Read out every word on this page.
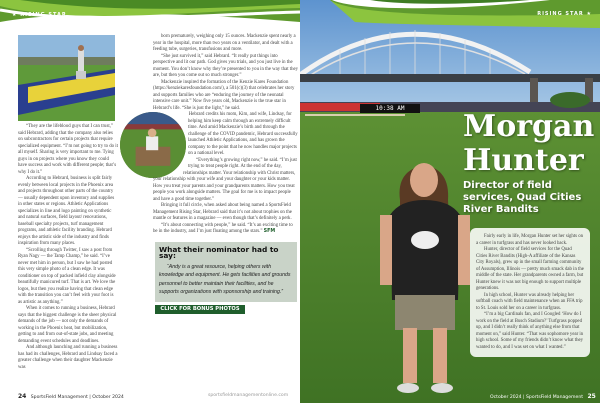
★ RISING STAR

“They are the lifeblood guys that I can trust,” said Hebrard, adding that the company also relies on subcontractors for certain projects that require specialized equipment. “I’m not going to try to do it all myself. Sharing is very important to me. Tying guys in on projects where you know they could have success and work with different people; that’s why I do it.”

According to Hebrard, business is split fairly evenly between local projects in the Phoenix area and projects throughout other parts of the country — usually dependent upon inventory and supplies in other states or regions. Athletic Applications specializes in line and logo painting on synthetic and natural surfaces, field layout/ renovations, baseball specialty projects, turf management programs, and athletic facility branding. Hebrard enjoys the artistic side of the industry and finds inspiration from many places.

“Scrolling through Twitter, I saw a post from Ryan Nagy — the Tamp Champ,” he said. “I’ve never met him in person, but I saw he had posted this very simple photo of a clean edge. It was conditioner on top of packed infield clay alongside beautifully manicured turf. That is art. We love the logos, but then you realize having that clean edge with the transition you can’t feel with your foot is as artistic as anything.”

When it comes to running a business, Hebrard says that the biggest challenge is the sheer physical demands of the job — not only the demands of working in the Phoenix heat, but mobilization, getting to and from out-of-state jobs, and meeting demanding event schedules and deadlines.

And although launching and running a business has had its challenges, Hebrard and Lindsay faced a greater challenge when their daughter Mackenzie was

born prematurely, weighing only 15 ounces. Mackenzie spent nearly a year in the hospital, more than two years on a ventilator, and dealt with a feeding tube, surgeries, transfusions and more.

“She just survived it,” said Hebrard. “It really put things into perspective and lit our path. God gives you trials, and you just live in the moment. You don’t know why they’re presented to you in the way that they are, but then you come out so much stronger.”

Mackenzie inspired the formation of the Kenzie Kares Foundation (https://kenziekaresfoundation.com/), a 501(c)(3) that celebrates her story and supports families who are “enduring the journey of the neonatal intensive care unit.” Now five years old, Mackenzie is the true star in Hebrard’s life. “She is just the light,” he said.

Hebrard credits his mom, Kim, and wife, Lindsay, for helping him keep calm through an extremely difficult time. And amid Mackenzie’s birth and through the challenge of the COVID pandemic, Hebrard successfully launched Athletic Applications, and has grown the company to the point that he now handles major projects on a national level.

“Everything’s growing right now,” he said. “I’m just trying to treat people right. At the end of the day, relationships matter. Your relationship with Christ matters, your relationship with your wife and your daughter or your kids matter. How you treat your parents and your grandparents matters. How you treat people you work alongside matters. The goal for me is to impact people and have a good time together.”

Bringing it full circle, when asked about being named a SportsField Management Rising Star, Hebrard said that it’s not about trophies on the mantle or features in a magazine — even though that’s definitely a perk.

“It’s about connecting with people,” he said. “It’s an exciting time to be in the industry, and I’m just floating among the stars.” SFM

What their nominator had to say:

“Andy is a great resource, helping others with knowledge and equipment. He gets facilities and grounds personnel to better maintain their facilities, and he supports organizations with sponsorship and training.”

CLICK FOR BONUS PHOTOS
24 SportsField Management | October 2024	sportsfieldmanagementonline.com
10:38 AM
RISING STAR ★
Morgan
Hunter
Director of field services, Quad Cities River Bandits

Fairly early in life, Morgan Hunter set her sights on a career in turfgrass and has never looked back.

Hunter, director of field services for the Quad Cities River Bandits (High-A affiliate of the Kansas City Royals), grew up in the small farming community of Assumption, Illinois — pretty much smack dab in the middle of the state. Her grandparents owned a farm, but Hunter knew it was not big enough to support multiple generations.

In high school, Hunter was already helping her softball coach with field maintenance when an FFA trip to St. Louis sold her on a career in turfgrass.

“I’m a big Cardinals fan, and I Googled ‘How do I work on the field at Busch Stadium?’ Turfgrass popped up, and I didn’t really think of anything else from that moment on,” said Hunter. “That was sophomore year in high school. Some of my friends didn’t know what they wanted to do, and I was set on what I wanted.”

October 2024 | SportsField Management 25
